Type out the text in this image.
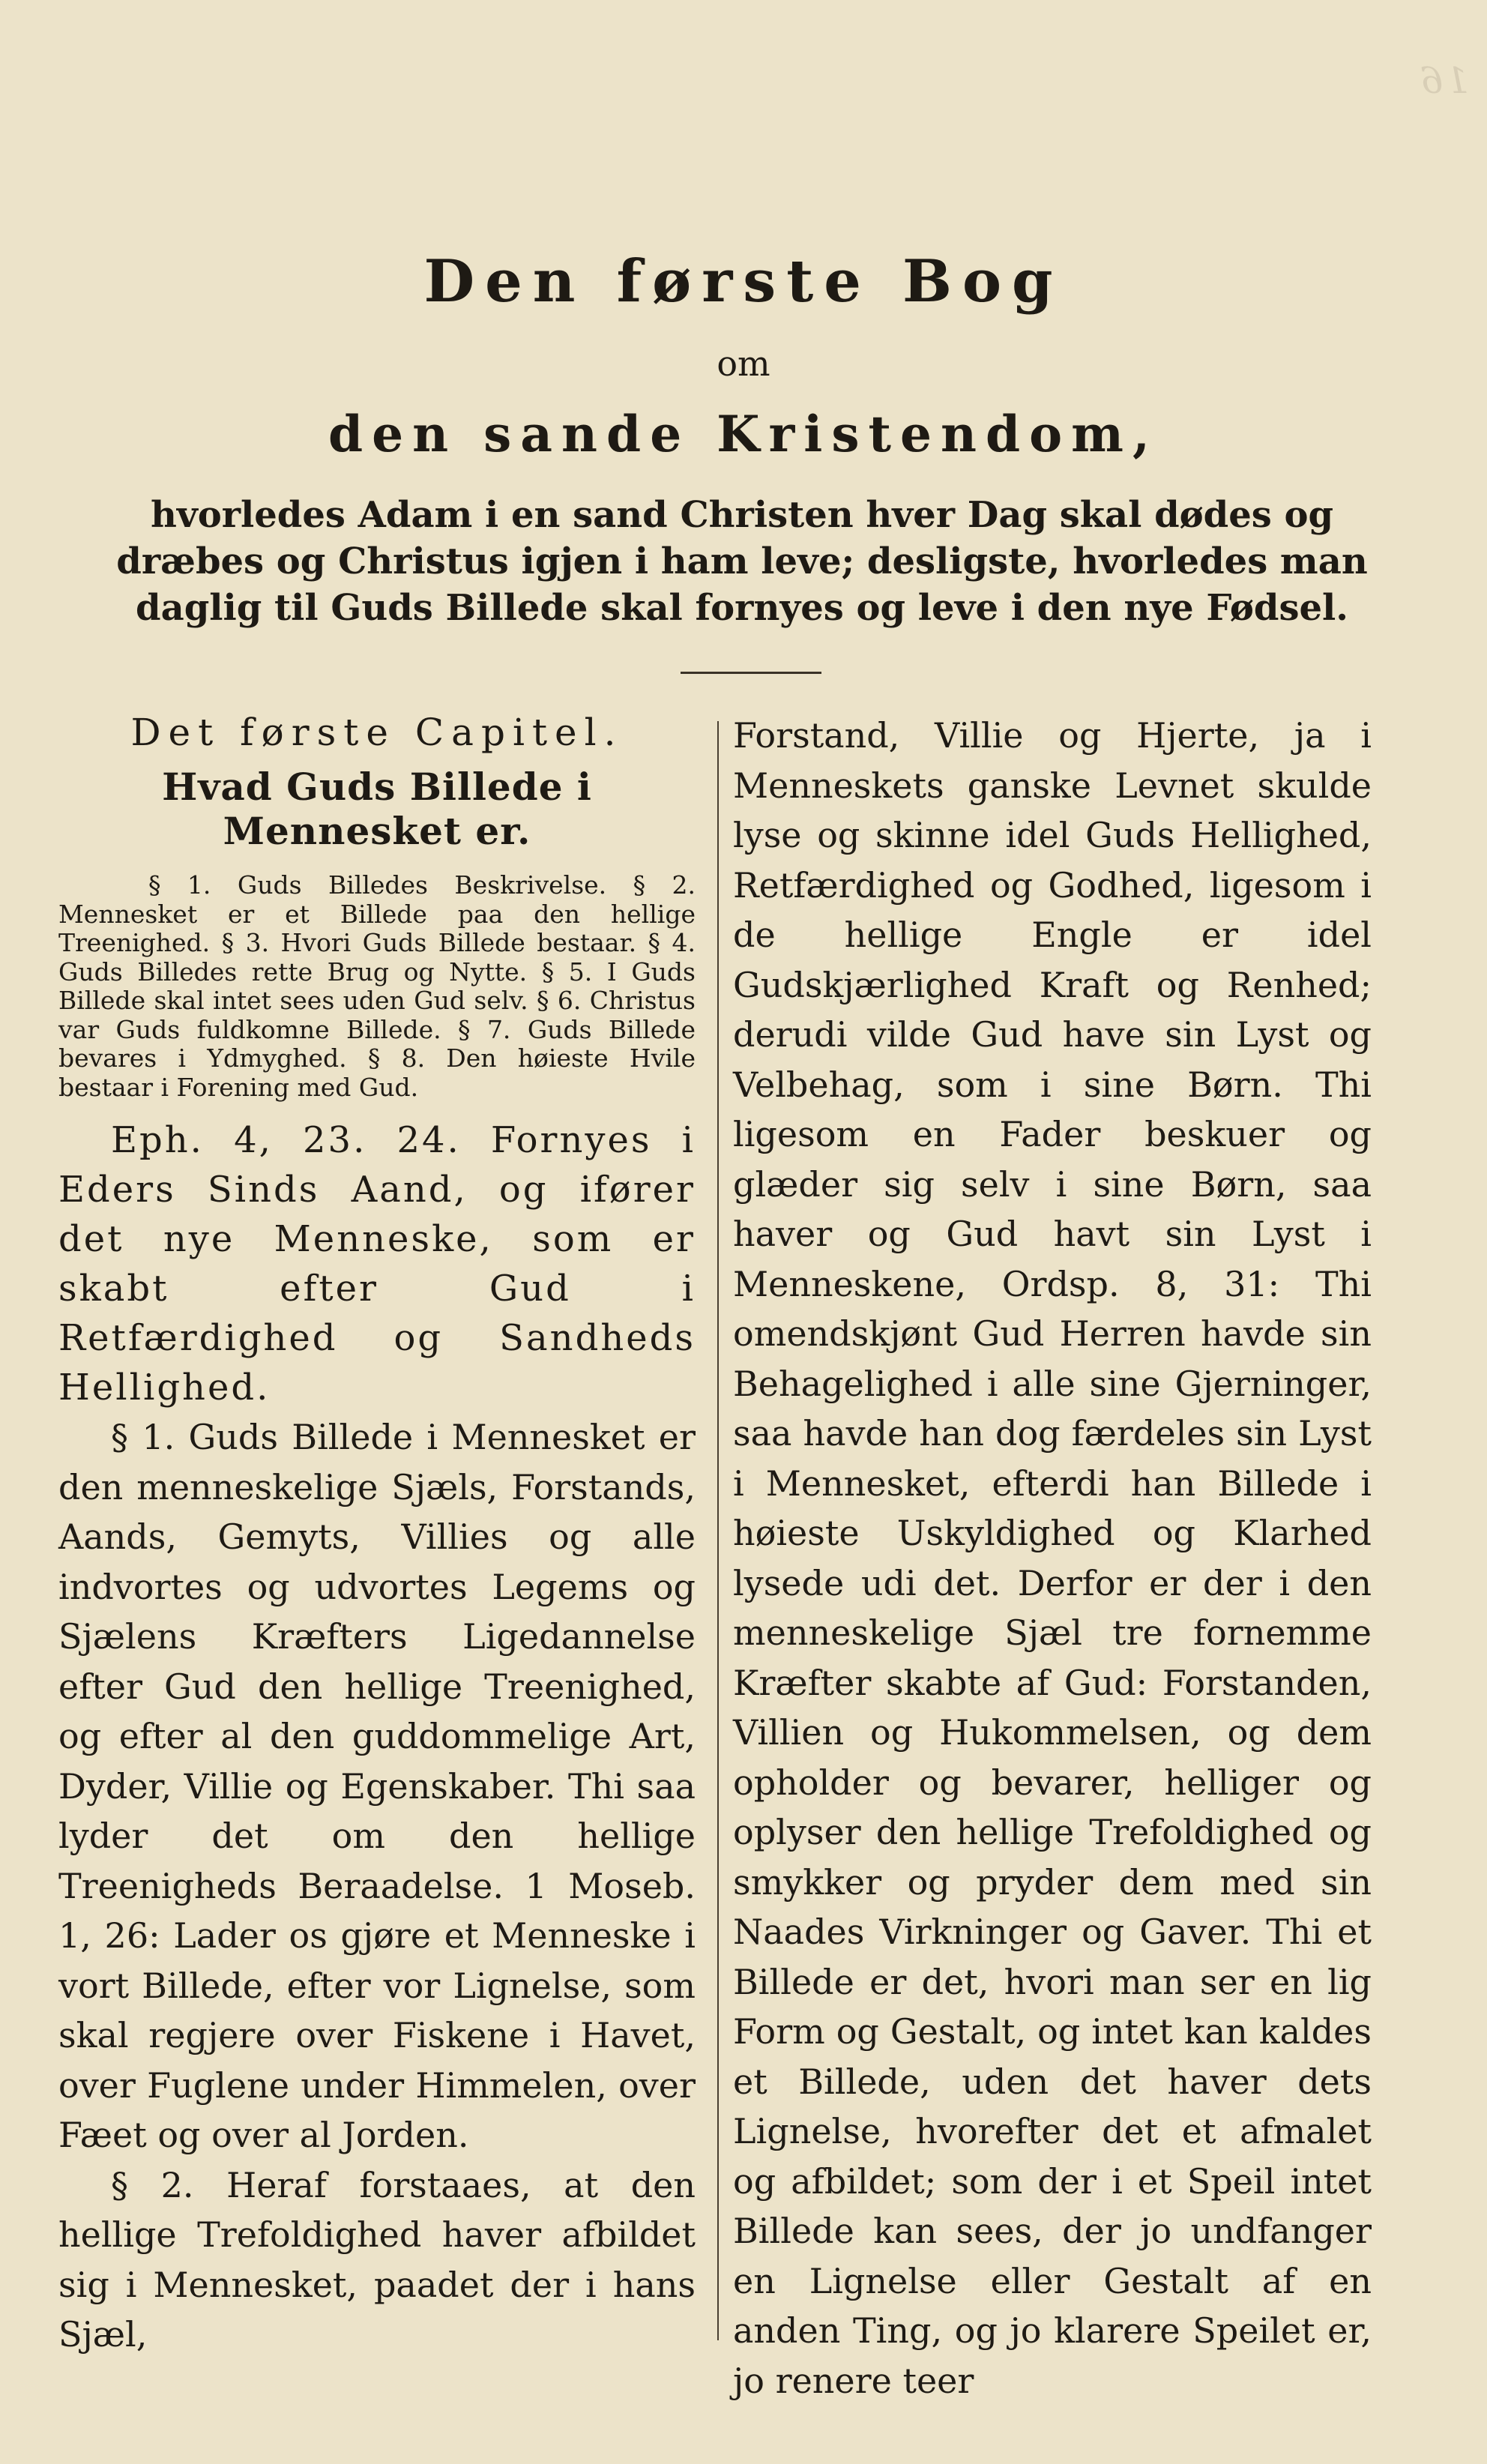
16
Den første Bog
om
den sande Kristendom,
hvorledes Adam i en sand Christen hver Dag skal dødes og dræbes og Christus igjen i ham leve; desligste, hvorledes man daglig til Guds Billede skal fornyes og leve i den nye Fødsel.
Det første Capitel.
Hvad Guds Billede i Mennesket er.

§ 1. Guds Billedes Beskrivelse. § 2. Mennesket er et Billede paa den hellige Treenighed. § 3. Hvori Guds Billede bestaar. § 4. Guds Billedes rette Brug og Nytte. § 5. I Guds Billede skal intet sees uden Gud selv. § 6. Christus var Guds fuldkomne Billede. § 7. Guds Billede bevares i Ydmyghed. § 8. Den høieste Hvile bestaar i Forening med Gud.

Eph. 4, 23. 24. Fornyes i Eders Sinds Aand, og ifører det nye Menneske, som er skabt efter Gud i Retfærdighed og Sandheds Hellighed.

§ 1. Guds Billede i Mennesket er den menneskelige Sjæls, Forstands, Aands, Gemyts, Villies og alle indvortes og udvortes Legems og Sjælens Kræfters Ligedannelse efter Gud den hellige Treenighed, og efter al den guddommelige Art, Dyder, Villie og Egenskaber. Thi saa lyder det om den hellige Treenigheds Beraadelse. 1 Moseb. 1, 26: Lader os gjøre et Menneske i vort Billede, efter vor Lignelse, som skal regjere over Fiskene i Havet, over Fuglene under Himmelen, over Fæet og over al Jorden.

§ 2. Heraf forstaaes, at den hellige Trefoldighed haver afbildet sig i Mennesket, paadet der i hans Sjæl,

Forstand, Villie og Hjerte, ja i Menneskets ganske Levnet skulde lyse og skinne idel Guds Hellighed, Retfærdighed og Godhed, ligesom i de hellige Engle er idel Gudskjærlighed Kraft og Renhed; derudi vilde Gud have sin Lyst og Velbehag, som i sine Børn. Thi ligesom en Fader beskuer og glæder sig selv i sine Børn, saa haver og Gud havt sin Lyst i Menneskene, Ordsp. 8, 31: Thi omendskjønt Gud Herren havde sin Behagelighed i alle sine Gjerninger, saa havde han dog færdeles sin Lyst i Mennesket, efterdi han Billede i høieste Uskyldighed og Klarhed lysede udi det. Derfor er der i den menneskelige Sjæl tre fornemme Kræfter skabte af Gud: Forstanden, Villien og Hukommelsen, og dem opholder og bevarer, helliger og oplyser den hellige Trefoldighed og smykker og pryder dem med sin Naades Virkninger og Gaver. Thi et Billede er det, hvori man ser en lig Form og Gestalt, og intet kan kaldes et Billede, uden det haver dets Lignelse, hvorefter det et afmalet og afbildet; som der i et Speil intet Billede kan sees, der jo undfanger en Lignelse eller Gestalt af en anden Ting, og jo klarere Speilet er, jo renere teer
